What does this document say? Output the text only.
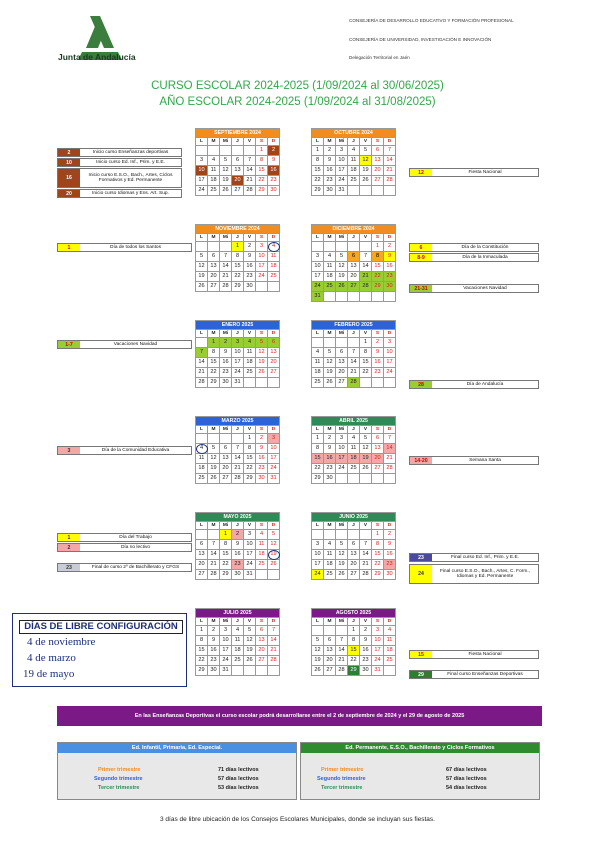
Junta de Andalucía
CONSEJERÍA DE DESARROLLO EDUCATIVO Y FORMACIÓN PROFESIONAL
CONSEJERÍA DE UNIVERSIDAD, INVESTIGACIÓN E INNOVACIÓN
Delegación Territorial en Jaén
CURSO ESCOLAR 2024-2025 (1/09/2024 al 30/06/2025)
AÑO ESCOLAR 2024-2025 (1/09/2024 al 31/08/2025)
SEPTIEMBRE 2024
L	M	Mi	J	V	S	D
					1	2
3	4	5	6	7	8	9
10	11	12	13	14	15	16
17	18	19	20	21	22	23
24	25	26	27	28	29	30
OCTUBRE 2024
L	M	Mi	J	V	S	D
1	2	3	4	5	6	7
8	9	10	11	12	13	14
15	16	17	18	19	20	21
22	23	24	25	26	27	28
29	30	31				
NOVIEMBRE 2024
L	M	Mi	J	V	S	D
			1	2	3	4
5	6	7	8	9	10	11
12	13	14	15	16	17	18
19	20	21	22	23	24	25
26	27	28	29	30		
DICIEMBRE 2024
L	M	Mi	J	V	S	D
					1	2
3	4	5	6	7	8	9
10	11	12	13	14	15	16
17	18	19	20	21	22	23
24	25	26	27	28	29	30
31						
ENERO 2025
L	M	Mi	J	V	S	D
	1	2	3	4	5	6
7	8	9	10	11	12	13
14	15	16	17	18	19	20
21	22	23	24	25	26	27
28	29	30	31			
FEBRERO 2025
L	M	Mi	J	V	S	D
				1	2	3
4	5	6	7	8	9	10
11	12	13	14	15	16	17
18	19	20	21	22	23	24
25	26	27	28			
MARZO 2025
L	M	Mi	J	V	S	D
				1	2	3
4	5	6	7	8	9	10
11	12	13	14	15	16	17
18	19	20	21	22	23	24
25	26	27	28	29	30	31
ABRIL 2025
L	M	Mi	J	V	S	D
1	2	3	4	5	6	7
8	9	10	11	12	13	14
15	16	17	18	19	20	21
22	23	24	25	26	27	28
29	30					
MAYO 2025
L	M	Mi	J	V	S	D
		1	2	3	4	5
6	7	8	9	10	11	12
13	14	15	16	17	18	19
20	21	22	23	24	25	26
27	28	29	30	31		
JUNIO 2025
L	M	Mi	J	V	S	D
					1	2
3	4	5	6	7	8	9
10	11	12	13	14	15	16
17	18	19	20	21	22	23
24	25	26	27	28	29	30
JULIO 2025
L	M	Mi	J	V	S	D
1	2	3	4	5	6	7
8	9	10	11	12	13	14
15	16	17	18	19	20	21
22	23	24	25	26	27	28
29	30	31				
AGOSTO 2025
L	M	Mi	J	V	S	D
			1	2	3	4
5	6	7	8	9	10	11
12	13	14	15	16	17	18
19	20	21	22	23	24	25
26	27	28	29	30	31	
2	Inicio curso Enseñanzas deportivas
10	Inicio curso Ed. Inf., Prim. y E.E.
16	Inicio curso E.S.O., Bach., Artes, Ciclos Formativos y Ed. Permanente
20	Inicio curso Idiomas y Ens. Art. Sup.
1	Día de todos los Santos
1-7	Vacaciones Navidad
3	Día de la Comunidad Educativa
1	Día del Trabajo
2	Día no lectivo
23	Final de curso 2º de Bachillerato y CFGS
12	Fiesta Nacional
6	Día de la Constitución
8-9	Día de la Inmaculada
21-31	Vacaciones Navidad
28	Día de Andalucía
14-20	Semana Santa
23	Final curso Ed. Inf., Prim. y E.E.
24	Final curso E.S.O., Bach., Artes, C. Form., Idiomas y Ed. Permanente
15	Fiesta Nacional
29	Final curso Enseñanzas Deportivas
DÍAS DE LIBRE CONFIGURACIÓN
4 de noviembre
4 de marzo
19 de mayo
En las Enseñanzas Deportivas el curso escolar podrá desarrollarse entre el 2 de septiembre de 2024 y el 29 de agosto de 2025
Ed. Infantil, Primaria, Ed. Especial.
Primer trimestre	71 días lectivos
Segundo trimestre	57 días lectivos
Tercer trimestre	53 días lectivos
Ed. Permanente, E.S.O., Bachillerato y Ciclos Formativos
Primer trimestre	67 días lectivos
Segundo trimestre	57 días lectivos
Tercer trimestre	54 días lectivos
3 días de libre ubicación de los Consejos Escolares Municipales, donde se incluyan sus fiestas.
